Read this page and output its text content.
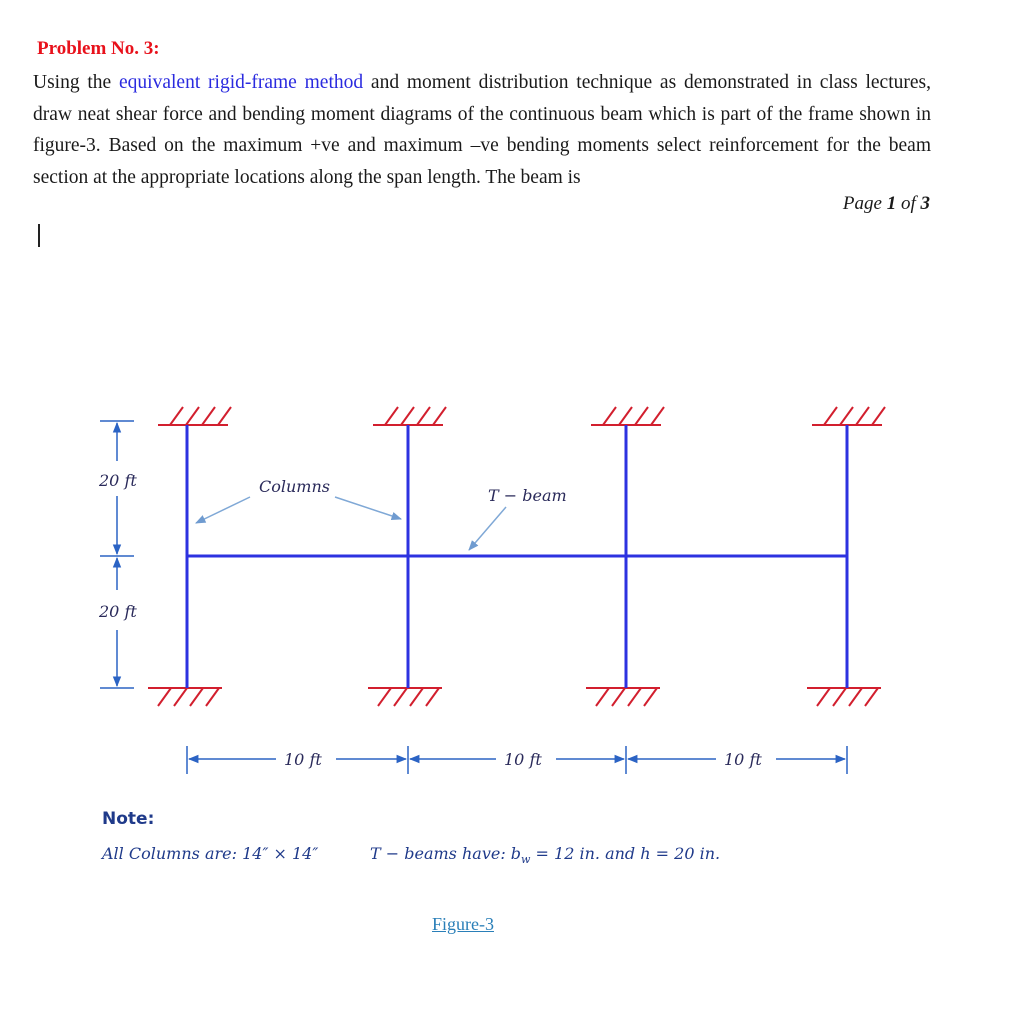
Problem No. 3:
Using the equivalent rigid-frame method and moment distribution technique as demonstrated in class lectures, draw neat shear force and bending moment diagrams of the continuous beam which is part of the frame shown in figure-3. Based on the maximum +ve and maximum –ve bending moments select reinforcement for the beam section at the appropriate locations along the span length. The beam is
Page 1 of 3
20 ft
20 ft
10 ft	10 ft	10 ft
Columns	T − beam
Note:
All Columns are: 14″ × 14″	T − beams have: $b_w = 12$ in. and h = 20 in.
Figure-3
